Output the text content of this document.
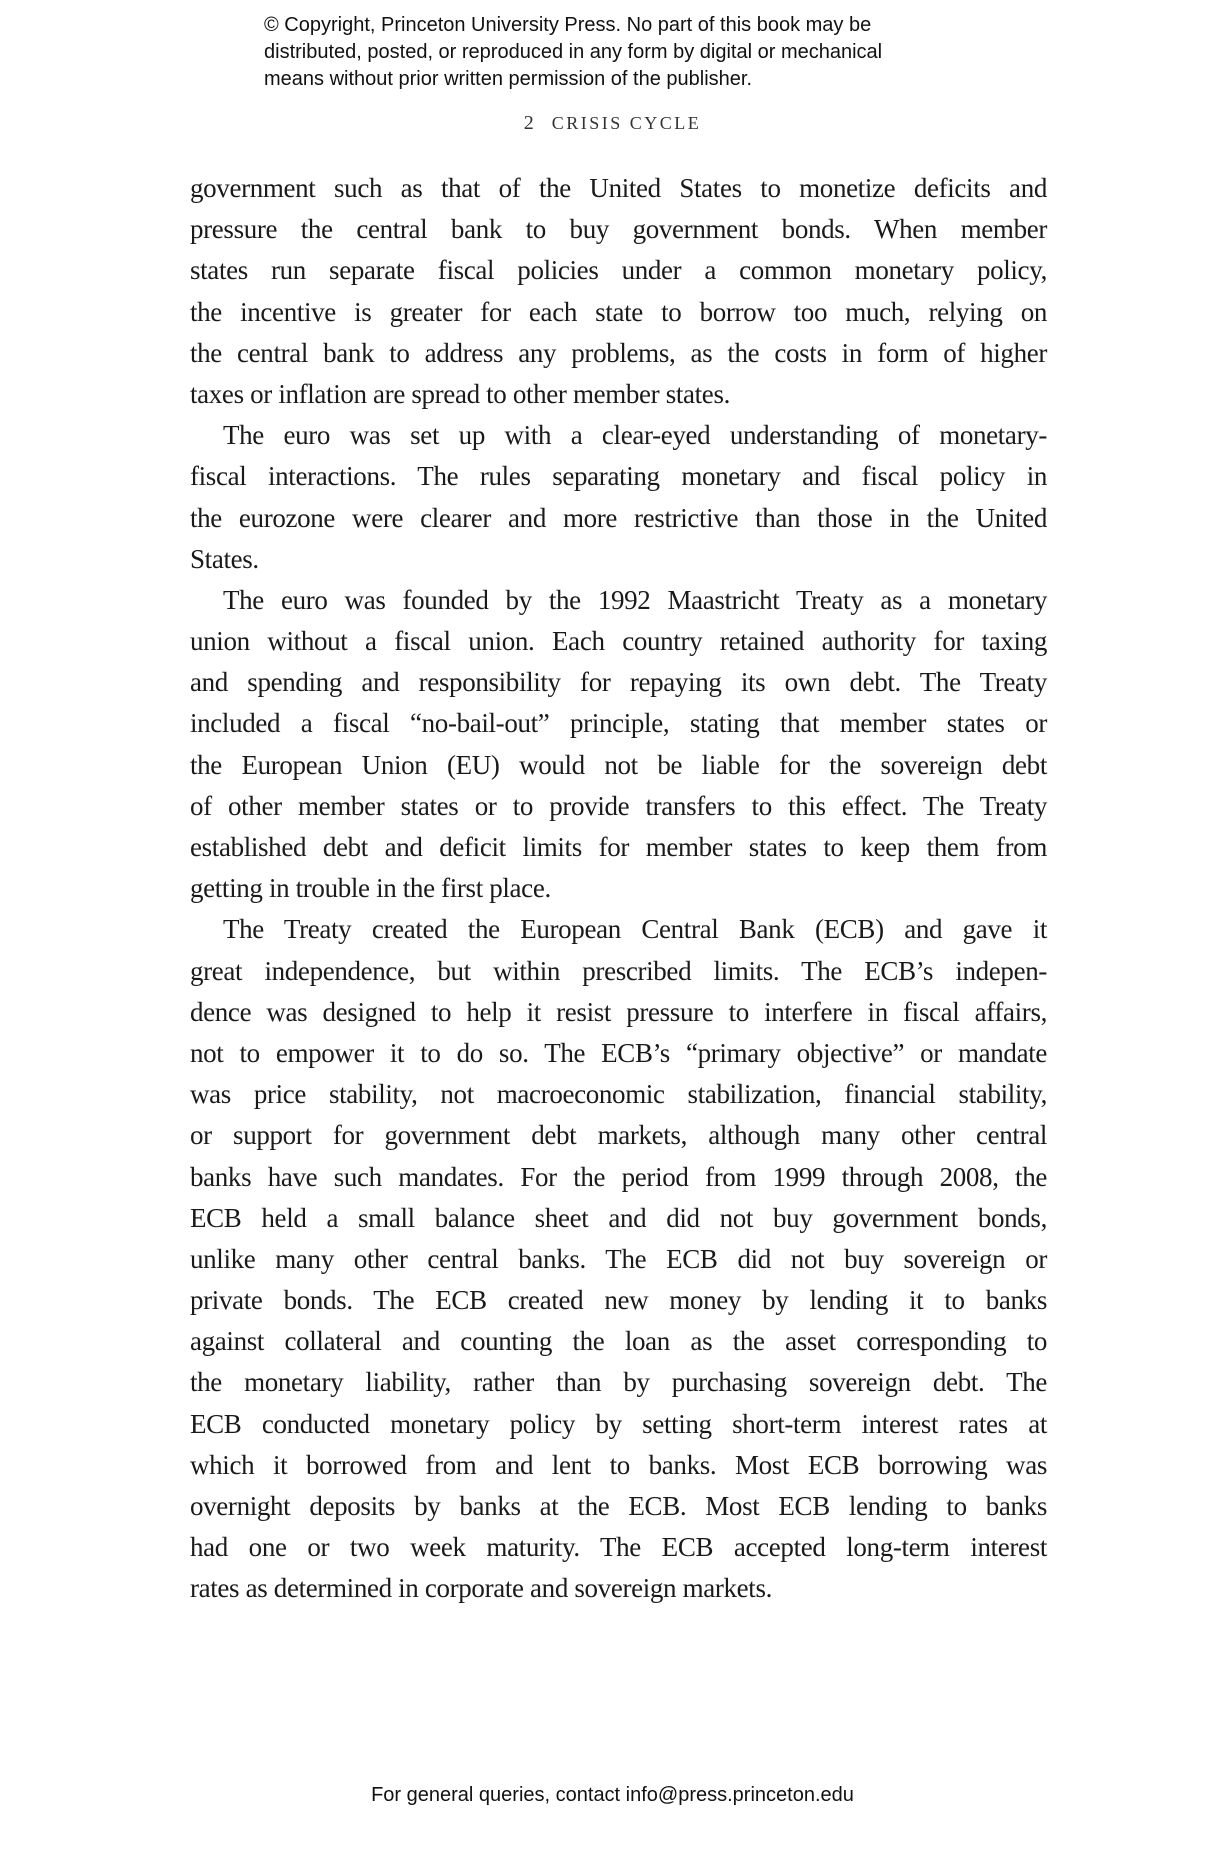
© Copyright, Princeton University Press. No part of this book may be
distributed, posted, or reproduced in any form by digital or mechanical
means without prior written permission of the publisher.
2 CRISIS CYCLE
government such as that of the United States to monetize deficits and
pressure the central bank to buy government bonds. When member
states run separate fiscal policies under a common monetary policy,
the incentive is greater for each state to borrow too much, relying on
the central bank to address any problems, as the costs in form of higher
taxes or inflation are spread to other member states.
The euro was set up with a clear-eyed understanding of monetary-
fiscal interactions. The rules separating monetary and fiscal policy in
the eurozone were clearer and more restrictive than those in the United
States.
The euro was founded by the 1992 Maastricht Treaty as a monetary
union without a fiscal union. Each country retained authority for taxing
and spending and responsibility for repaying its own debt. The Treaty
included a fiscal “no-bail-out” principle, stating that member states or
the European Union (EU) would not be liable for the sovereign debt
of other member states or to provide transfers to this effect. The Treaty
established debt and deficit limits for member states to keep them from
getting in trouble in the first place.
The Treaty created the European Central Bank (ECB) and gave it
great independence, but within prescribed limits. The ECB’s indepen-
dence was designed to help it resist pressure to interfere in fiscal affairs,
not to empower it to do so. The ECB’s “primary objective” or mandate
was price stability, not macroeconomic stabilization, financial stability,
or support for government debt markets, although many other central
banks have such mandates. For the period from 1999 through 2008, the
ECB held a small balance sheet and did not buy government bonds,
unlike many other central banks. The ECB did not buy sovereign or
private bonds. The ECB created new money by lending it to banks
against collateral and counting the loan as the asset corresponding to
the monetary liability, rather than by purchasing sovereign debt. The
ECB conducted monetary policy by setting short-term interest rates at
which it borrowed from and lent to banks. Most ECB borrowing was
overnight deposits by banks at the ECB. Most ECB lending to banks
had one or two week maturity. The ECB accepted long-term interest
rates as determined in corporate and sovereign markets.
For general queries, contact info@press.princeton.edu
